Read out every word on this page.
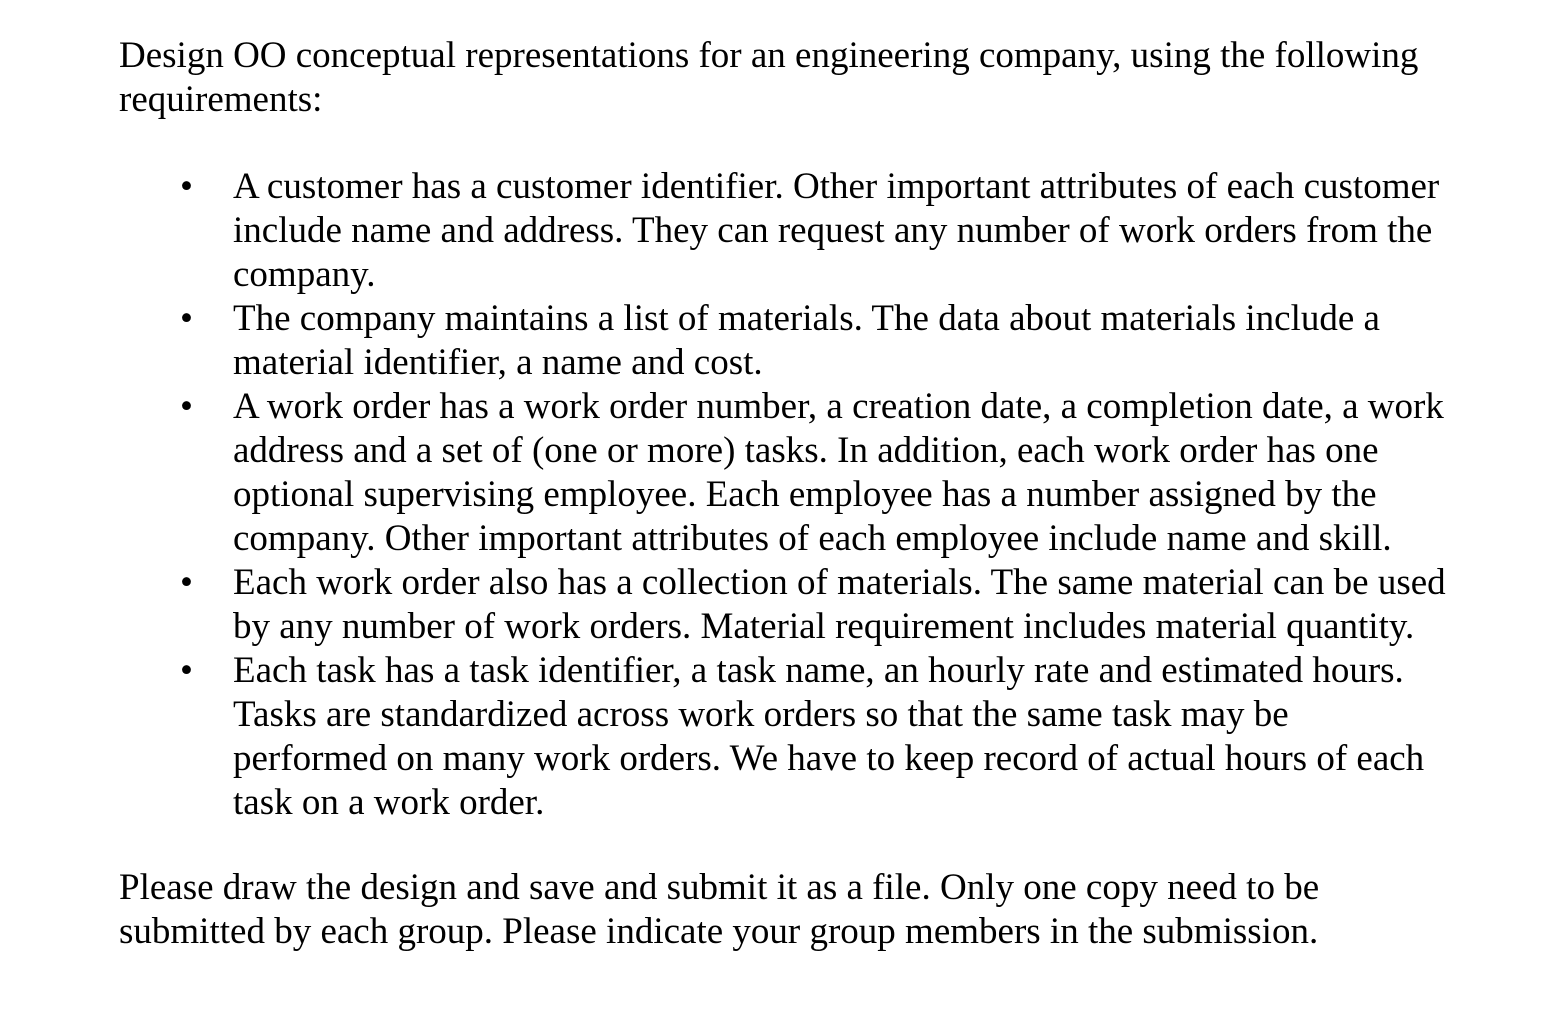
Design OO conceptual representations for an engineering company, using the following
requirements:

• A customer has a customer identifier. Other important attributes of each customer
include name and address. They can request any number of work orders from the
company.
• The company maintains a list of materials. The data about materials include a
material identifier, a name and cost.
• A work order has a work order number, a creation date, a completion date, a work
address and a set of (one or more) tasks. In addition, each work order has one
optional supervising employee. Each employee has a number assigned by the
company. Other important attributes of each employee include name and skill.
• Each work order also has a collection of materials. The same material can be used
by any number of work orders. Material requirement includes material quantity.
• Each task has a task identifier, a task name, an hourly rate and estimated hours.
Tasks are standardized across work orders so that the same task may be
performed on many work orders. We have to keep record of actual hours of each
task on a work order.

Please draw the design and save and submit it as a file. Only one copy need to be
submitted by each group. Please indicate your group members in the submission.
